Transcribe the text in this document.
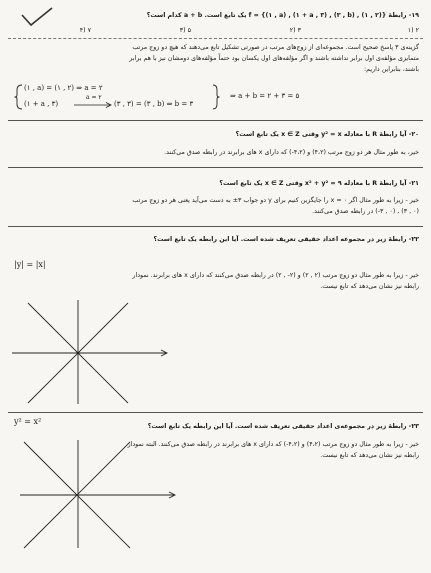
۱۹- رابطهٔ f = {(۱ , a) , (۱ + a , ۳) , (۳ , b) , (۱ , ۲)} یک تابع است. a + b کدام است؟
۲ (۱
۳ (۲
۵ (۳
۷ (۴
گزینه‌ی ۳ پاسخ صحیح است. مجموعه‌ای از زوج‌های مرتب در صورتی تشکیل تابع می‌دهند که هیچ دو زوج مرتب
متمایزی مؤلفه‌ی اول برابر نداشته باشند و اگر مؤلفه‌های اول یکسان بود حتماً مؤلفه‌های دومشان نیز با هم برابر
باشند، بنابراین داریم:
(۱ , a) = (۱ , ۲) ⇒ a = ۲
a = ۲
(۱ + a , ۳)	(۳ , ۳) = (۳ , b) ⇒ b = ۳
⇒ a + b = ۲ + ۳ = ۵
۲۰- آیا رابطهٔ R با معادله y² = x وقتی x ∈ Z یک تابع است؟
خیر، به طور مثال هر دو زوج مرتب (۴،۲) و (۴،۲-) که دارای x های برابرند در رابطه صدق می‌کنند.
۲۱- آیا رابطهٔ R با معادله x² + y² = ۹ وقتی x ∈ Z یک تابع است؟
خیر - زیرا به طور مثال اگر x = ۰ را جایگزین کنیم برای y دو جواب ۳± به دست می‌آید یعنی هر دو زوج مرتب
(۰ , ۳) , (۰ , ۳-) در رابطه صدق می‌کنند.
۲۲- رابطهٔ زیر در مجموعه اعداد حقیقی تعریف شده است. آیا این رابطه یک تابع است؟
|y| = |x|
خیر - زیرا به طور مثال دو زوج مرتب (۲ , ۲) و (۲- , ۲) در رابطه صدق می‌کنند که دارای x های برابرند. نمودار
رابطه نیز نشان می‌دهد که تابع نیست.
۲۳- رابطهٔ زیر در مجموعه‌ی اعداد حقیقی تعریف شده است. آیا این رابطه یک تابع است؟
y² = x²
خیر - زیرا به طور مثال دو زوج مرتب (۴،۲) و (۴،۲-) که دارای x های برابرند در رابطه صدق می‌کنند. البته نمودار
رابطه نیز نشان می‌دهد که تابع نیست.
